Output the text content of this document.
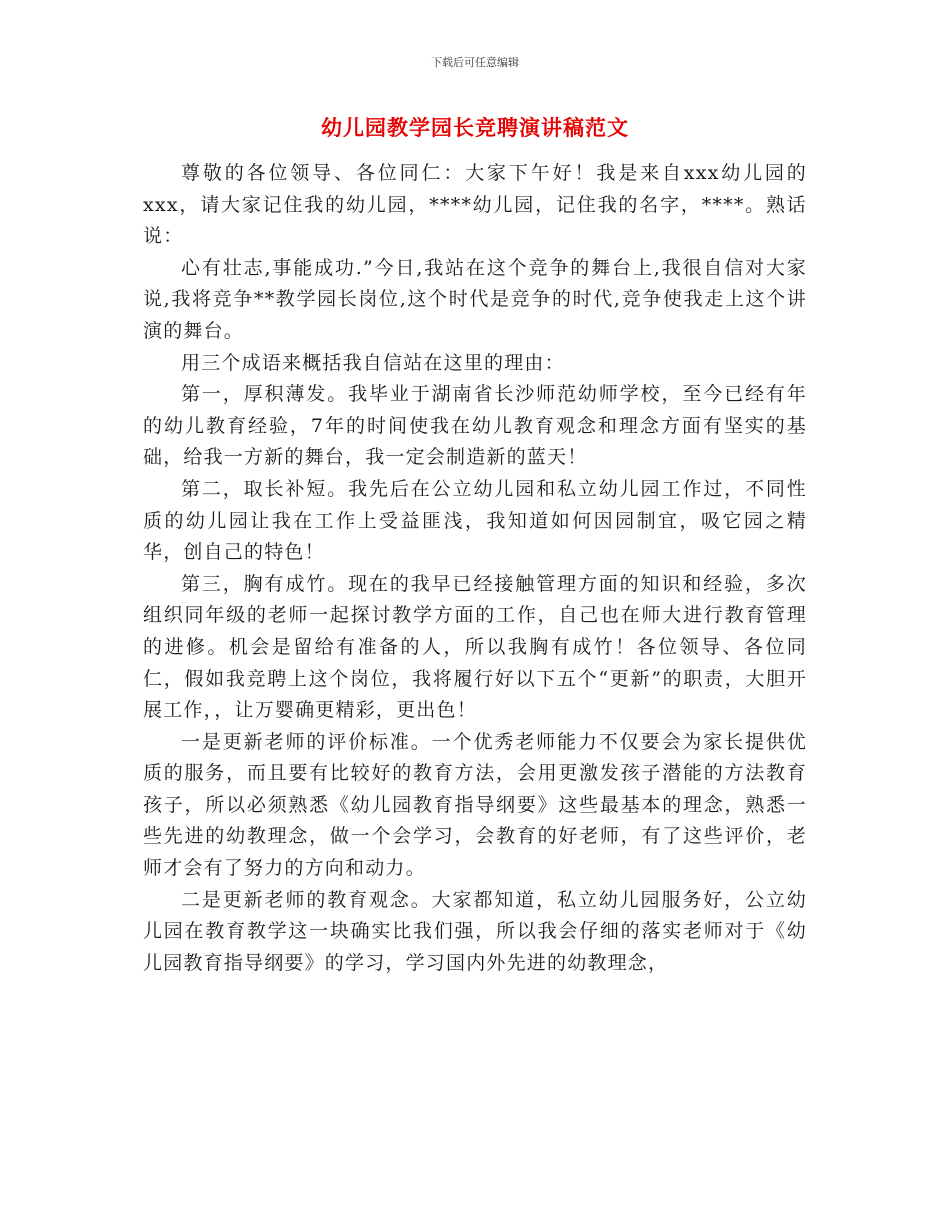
下载后可任意编辑
幼儿园教学园长竞聘演讲稿范文

尊敬的各位领导、各位同仁：大家下午好！我是来自xxx幼儿园的xxx，请大家记住我的幼儿园，****幼儿园，记住我的名字，****。熟话说：

心有壮志,事能成功.”今日,我站在这个竞争的舞台上,我很自信对大家说,我将竞争**教学园长岗位,这个时代是竞争的时代,竞争使我走上这个讲演的舞台。

用三个成语来概括我自信站在这里的理由：

第一，厚积薄发。我毕业于湖南省长沙师范幼师学校，至今已经有年的幼儿教育经验，7年的时间使我在幼儿教育观念和理念方面有坚实的基础，给我一方新的舞台，我一定会制造新的蓝天！

第二，取长补短。我先后在公立幼儿园和私立幼儿园工作过，不同性质的幼儿园让我在工作上受益匪浅，我知道如何因园制宜，吸它园之精华，创自己的特色！

第三，胸有成竹。现在的我早已经接触管理方面的知识和经验，多次组织同年级的老师一起探讨教学方面的工作，自己也在师大进行教育管理的进修。机会是留给有准备的人，所以我胸有成竹！各位领导、各位同仁，假如我竞聘上这个岗位，我将履行好以下五个“更新”的职责，大胆开展工作，，让万婴确更精彩，更出色！

一是更新老师的评价标准。一个优秀老师能力不仅要会为家长提供优质的服务，而且要有比较好的教育方法，会用更激发孩子潜能的方法教育孩子，所以必须熟悉《幼儿园教育指导纲要》这些最基本的理念，熟悉一些先进的幼教理念，做一个会学习，会教育的好老师，有了这些评价，老师才会有了努力的方向和动力。

二是更新老师的教育观念。大家都知道，私立幼儿园服务好，公立幼儿园在教育教学这一块确实比我们强，所以我会仔细的落实老师对于《幼儿园教育指导纲要》的学习，学习国内外先进的幼教理念，
